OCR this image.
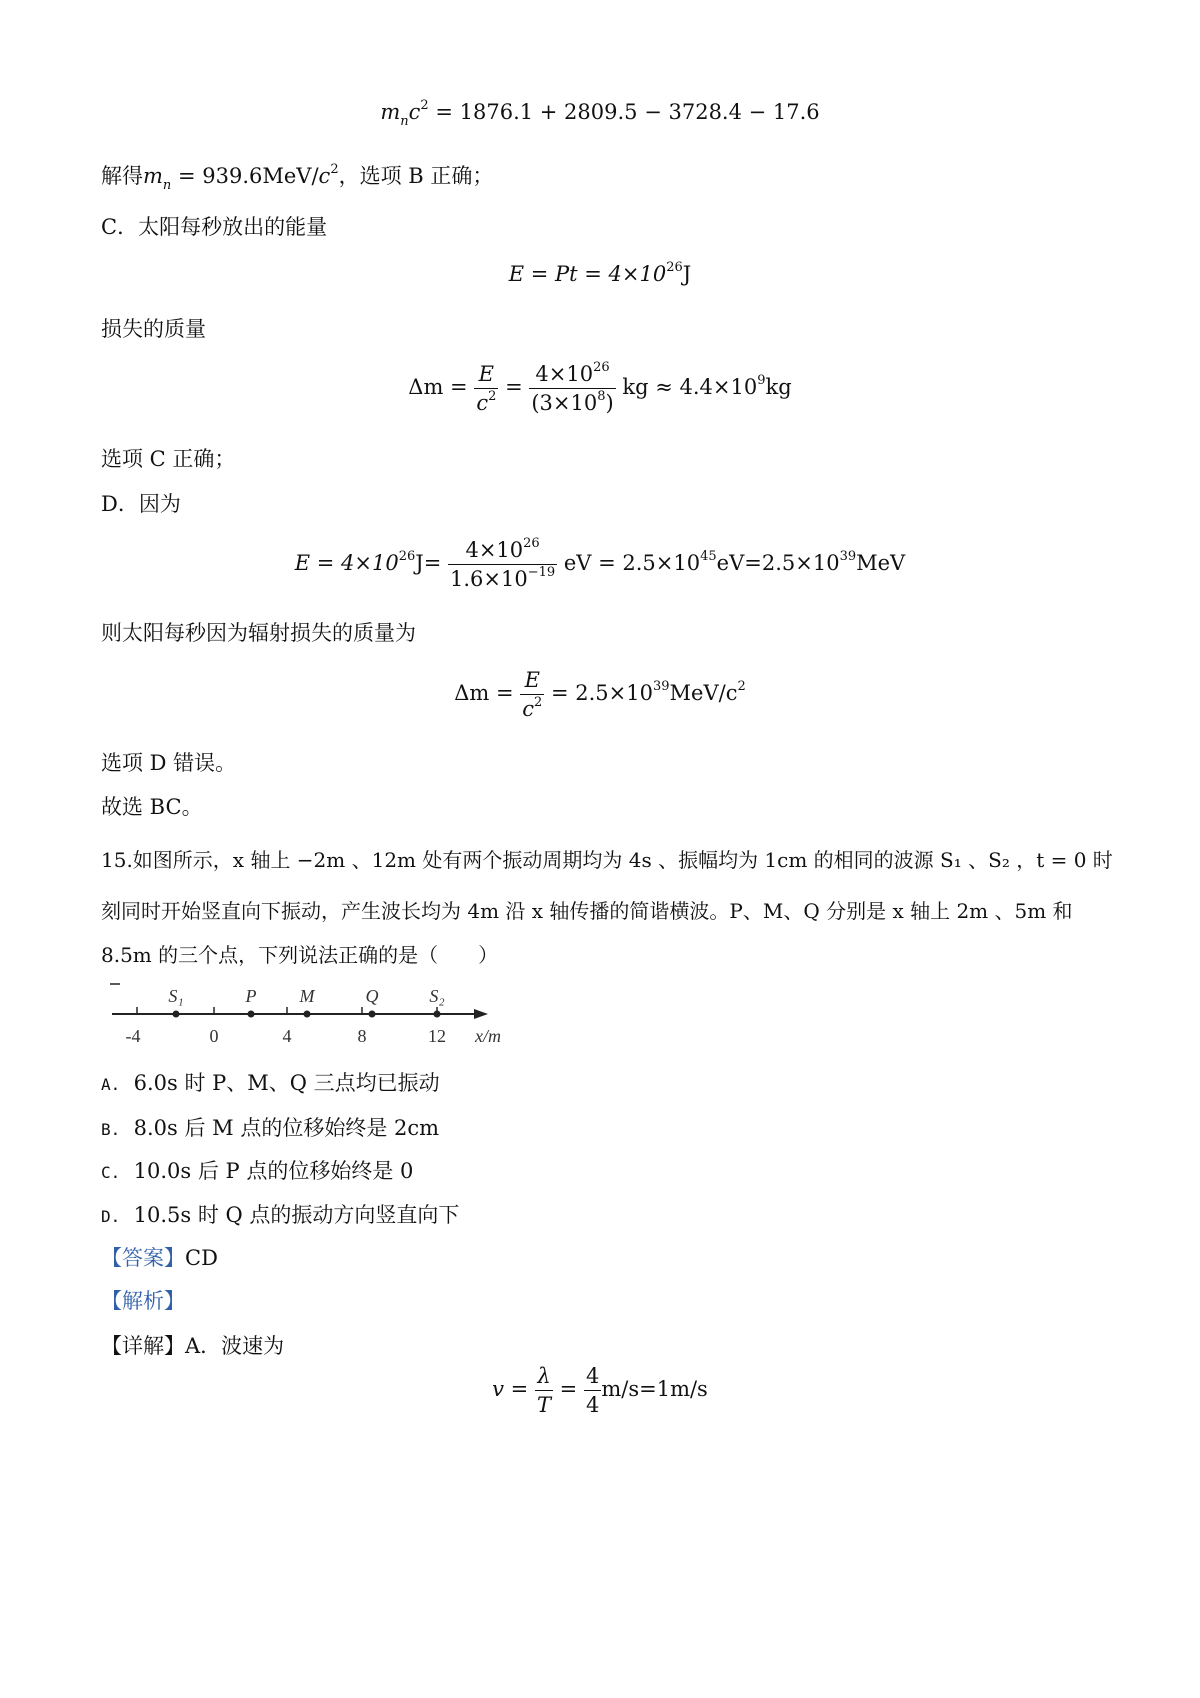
$m_nc^2 = 1876.1 + 2809.5 - 3728.4 - 17.6$
解得$m_n = 939.6MeV/c^2$，选项 B 正确；
C．太阳每秒放出的能量
$E = Pt = 4\times 10^{26}J$
损失的质量
$\Delta m = \frac{E}{c^2} = \frac{4\times 10^{26}}{(3\times 10^8)}$ kg ≈ $4.4\times 10^9kg$
选项 C 正确；
D．因为
$E = 4\times 10^{26}J= \frac{4\times 10^{26}}{1.6\times 10^{-19}}$ eV = $2.5\times 10^{45}eV=2.5\times 10^{39}MeV$
则太阳每秒因为辐射损失的质量为
$\Delta m = \frac{E}{c^2} = 2.5\times 10^{39}MeV/c^2$
选项 D 错误。
故选 BC。
15.如图所示，x 轴上 −2m 、12m 处有两个振动周期均为 4s 、振幅均为 1cm 的相同的波源 S₁ 、S₂ ，t = 0 时
刻同时开始竖直向下振动，产生波长均为 4m 沿 x 轴传播的简谐横波。P、M、Q 分别是 x 轴上 2m 、5m 和
8.5m 的三个点，下列说法正确的是（　　）
S₁	P M	Q	S₂
-4	0	4	8	12 x/m
A. 6.0s 时 P、M、Q 三点均已振动
B. 8.0s 后 M 点的位移始终是 2cm
C. 10.0s 后 P 点的位移始终是 0
D. 10.5s 时 Q 点的振动方向竖直向下
【答案】CD
【解析】
【详解】A．波速为
$v = \frac{\lambda}{T} = \frac{4}{4} m/s=1m/s$
